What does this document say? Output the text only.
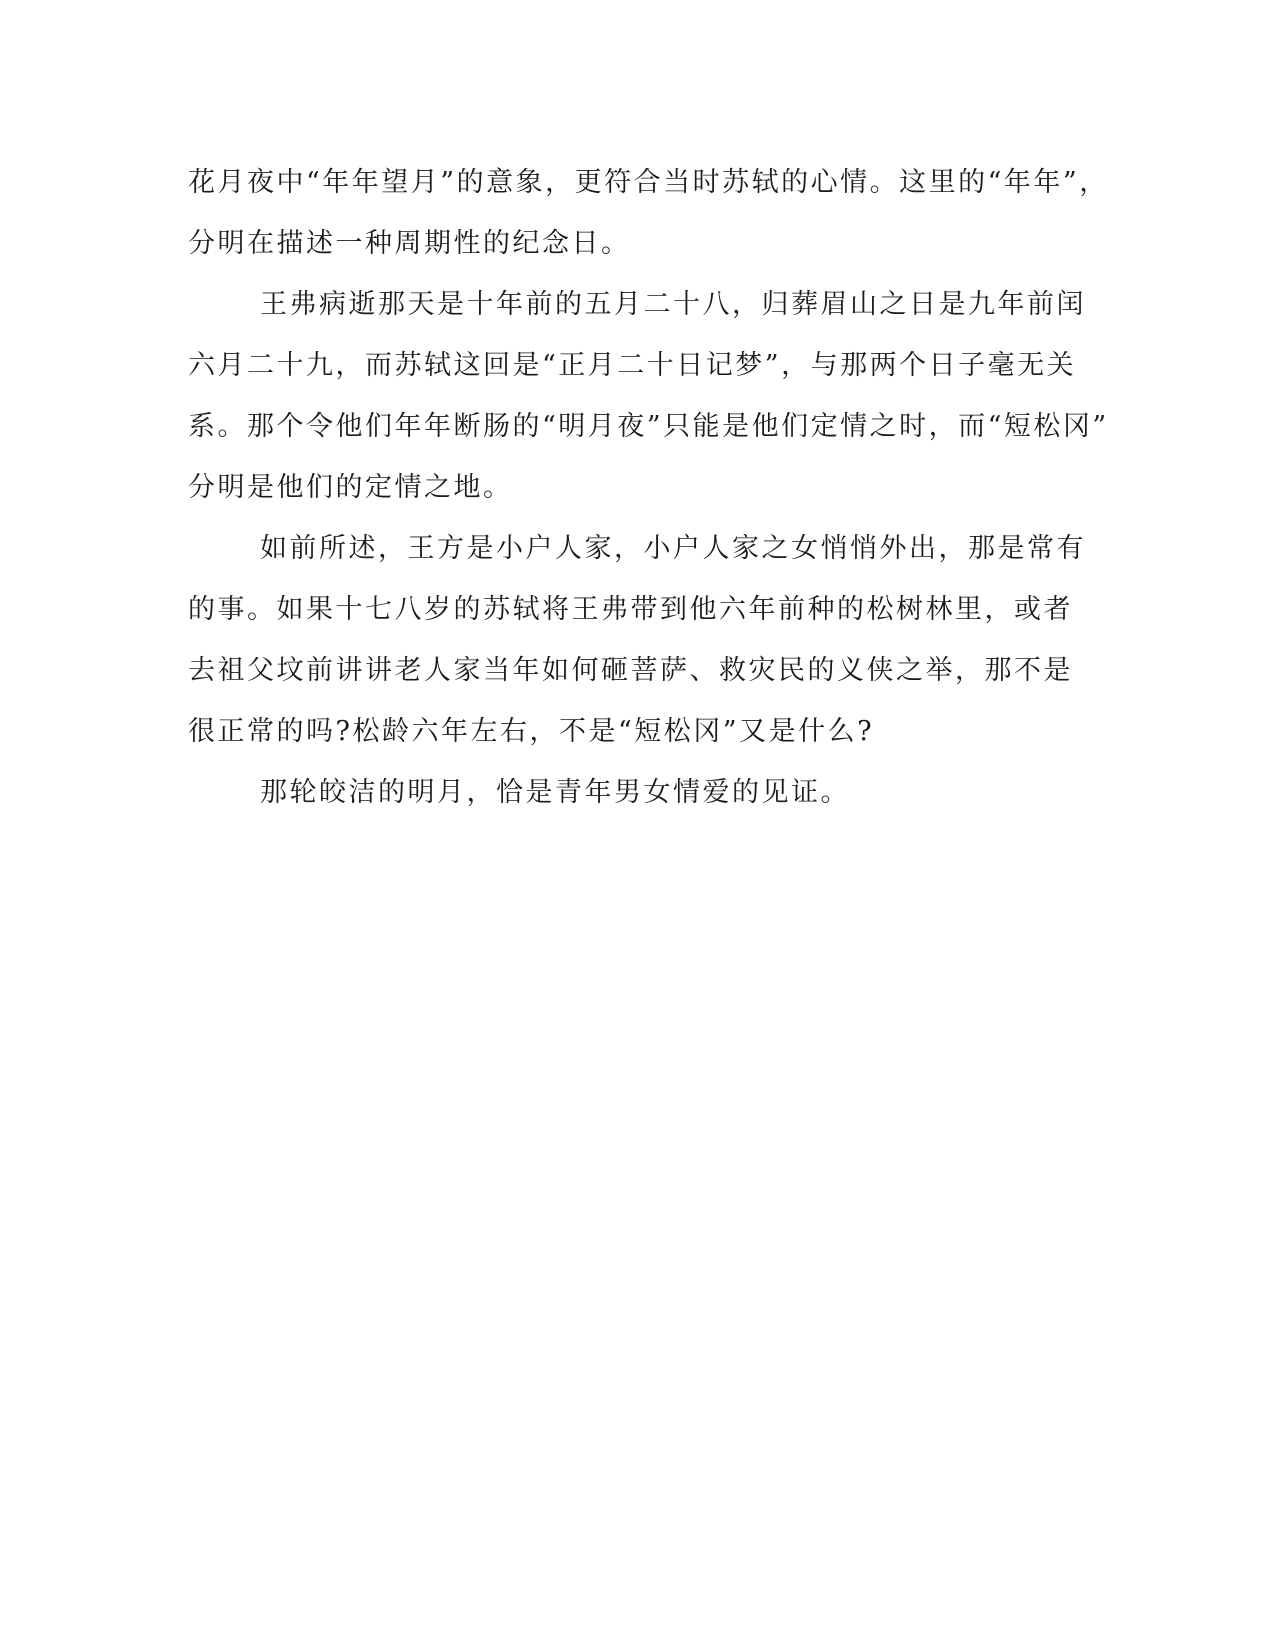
花月夜中“年年望月”的意象，更符合当时苏轼的心情。这里的“年年”，
分明在描述一种周期性的纪念日。
王弗病逝那天是十年前的五月二十八，归葬眉山之日是九年前闰
六月二十九，而苏轼这回是“正月二十日记梦”，与那两个日子毫无关
系。那个令他们年年断肠的“明月夜”只能是他们定情之时，而“短松冈”
分明是他们的定情之地。
如前所述，王方是小户人家，小户人家之女悄悄外出，那是常有
的事。如果十七八岁的苏轼将王弗带到他六年前种的松树林里，或者
去祖父坟前讲讲老人家当年如何砸菩萨、救灾民的义侠之举，那不是
很正常的吗?松龄六年左右，不是“短松冈”又是什么?
那轮皎洁的明月，恰是青年男女情爱的见证。
